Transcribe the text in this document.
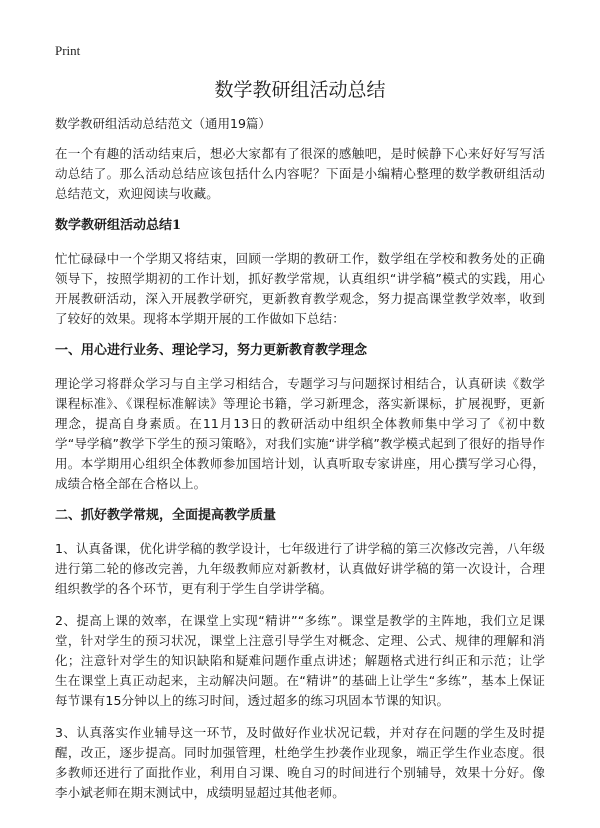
Print
数学教研组活动总结
数学教研组活动总结范文（通用19篇）

在一个有趣的活动结束后，想必大家都有了很深的感触吧，是时候静下心来好好写写活动总结了。那么活动总结应该包括什么内容呢？下面是小编精心整理的数学教研组活动总结范文，欢迎阅读与收藏。

数学教研组活动总结1

忙忙碌碌中一个学期又将结束，回顾一学期的教研工作，数学组在学校和教务处的正确领导下，按照学期初的工作计划，抓好教学常规，认真组织“讲学稿”模式的实践，用心开展教研活动，深入开展教学研究，更新教育教学观念，努力提高课堂教学效率，收到了较好的效果。现将本学期开展的工作做如下总结：

一、用心进行业务、理论学习，努力更新教育教学理念

理论学习将群众学习与自主学习相结合，专题学习与问题探讨相结合，认真研读《数学课程标准》、《课程标准解读》等理论书籍，学习新理念，落实新课标，扩展视野，更新理念，提高自身素质。在11月13日的教研活动中组织全体教师集中学习了《初中数学“导学稿”教学下学生的预习策略》，对我们实施“讲学稿”教学模式起到了很好的指导作用。本学期用心组织全体教师参加国培计划，认真听取专家讲座，用心撰写学习心得，成绩合格全部在合格以上。

二、抓好教学常规，全面提高教学质量

1、认真备课，优化讲学稿的教学设计，七年级进行了讲学稿的第三次修改完善，八年级进行第二轮的修改完善，九年级教师应对新教材，认真做好讲学稿的第一次设计，合理组织教学的各个环节，更有利于学生自学讲学稿。

2、提高上课的效率，在课堂上实现“精讲”“多练”。课堂是教学的主阵地，我们立足课堂，针对学生的预习状况，课堂上注意引导学生对概念、定理、公式、规律的理解和消化；注意针对学生的知识缺陷和疑难问题作重点讲述；解题格式进行纠正和示范；让学生在课堂上真正动起来，主动解决问题。在“精讲”的基础上让学生“多练”，基本上保证每节课有15分钟以上的练习时间，透过超多的练习巩固本节课的知识。

3、认真落实作业辅导这一环节，及时做好作业状况记载，并对存在问题的学生及时提醒，改正，逐步提高。同时加强管理，杜绝学生抄袭作业现象，端正学生作业态度。很多教师还进行了面批作业，利用自习课、晚自习的时间进行个别辅导，效果十分好。像李小斌老师在期末测试中，成绩明显超过其他老师。
